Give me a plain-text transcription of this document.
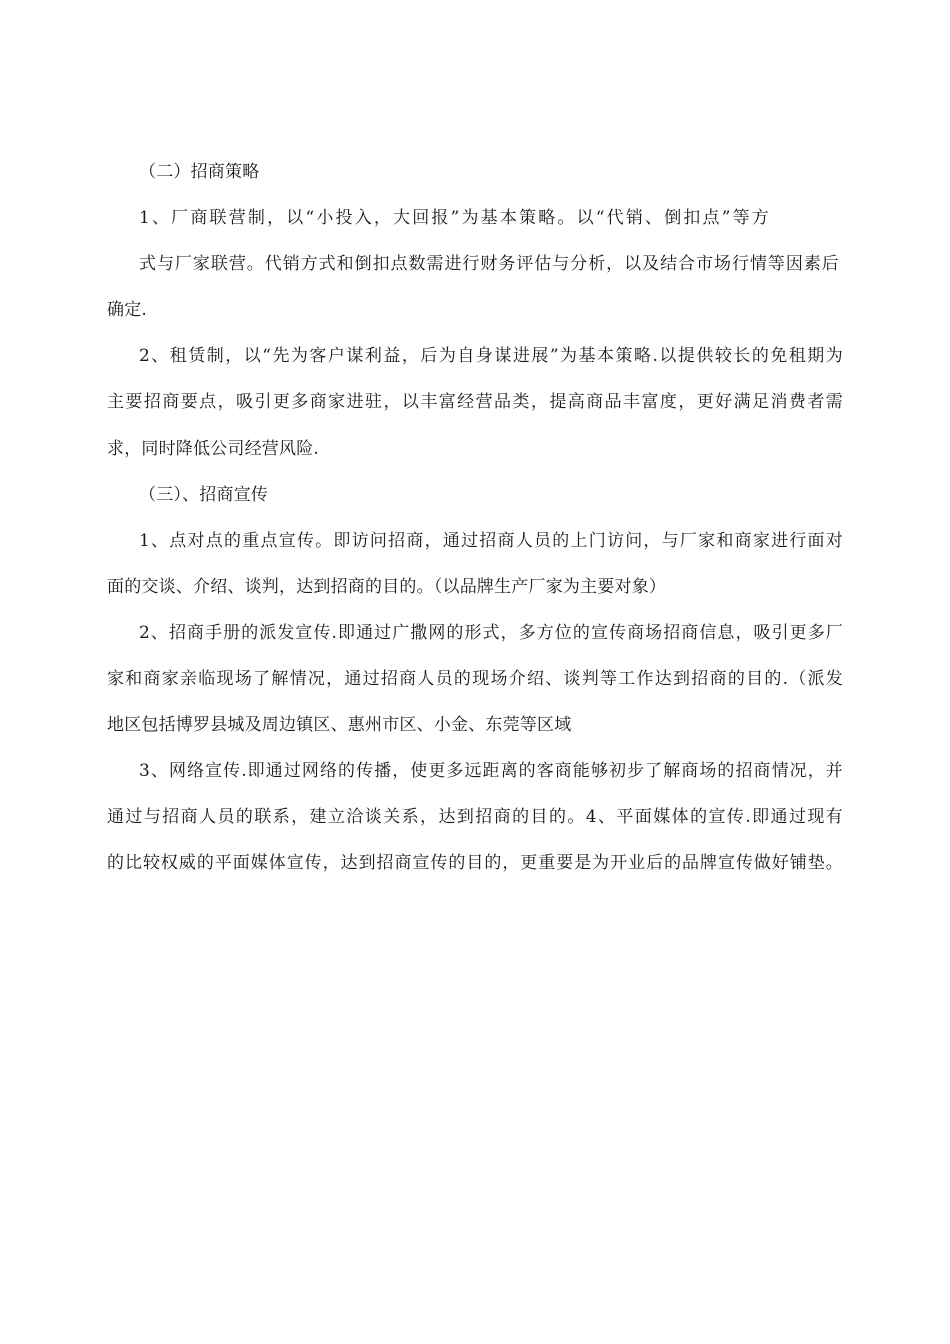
（二）招商策略
1、厂商联营制，以“小投入，大回报”为基本策略。以“代销、倒扣点”等方
式与厂家联营。代销方式和倒扣点数需进行财务评估与分析，以及结合市场行情等因素后
确定.
2、租赁制，以“先为客户谋利益，后为自身谋进展”为基本策略.以提供较长的免租期为
主要招商要点，吸引更多商家进驻，以丰富经营品类，提高商品丰富度，更好满足消费者需
求，同时降低公司经营风险.
（三）、招商宣传
1、点对点的重点宣传。即访问招商，通过招商人员的上门访问，与厂家和商家进行面对
面的交谈、介绍、谈判，达到招商的目的。（以品牌生产厂家为主要对象）
2、招商手册的派发宣传.即通过广撒网的形式，多方位的宣传商场招商信息，吸引更多厂
家和商家亲临现场了解情况，通过招商人员的现场介绍、谈判等工作达到招商的目的.（派发
地区包括博罗县城及周边镇区、惠州市区、小金、东莞等区域
3、网络宣传.即通过网络的传播，使更多远距离的客商能够初步了解商场的招商情况，并
通过与招商人员的联系，建立洽谈关系，达到招商的目的。4、平面媒体的宣传.即通过现有
的比较权威的平面媒体宣传，达到招商宣传的目的，更重要是为开业后的品牌宣传做好铺垫。
